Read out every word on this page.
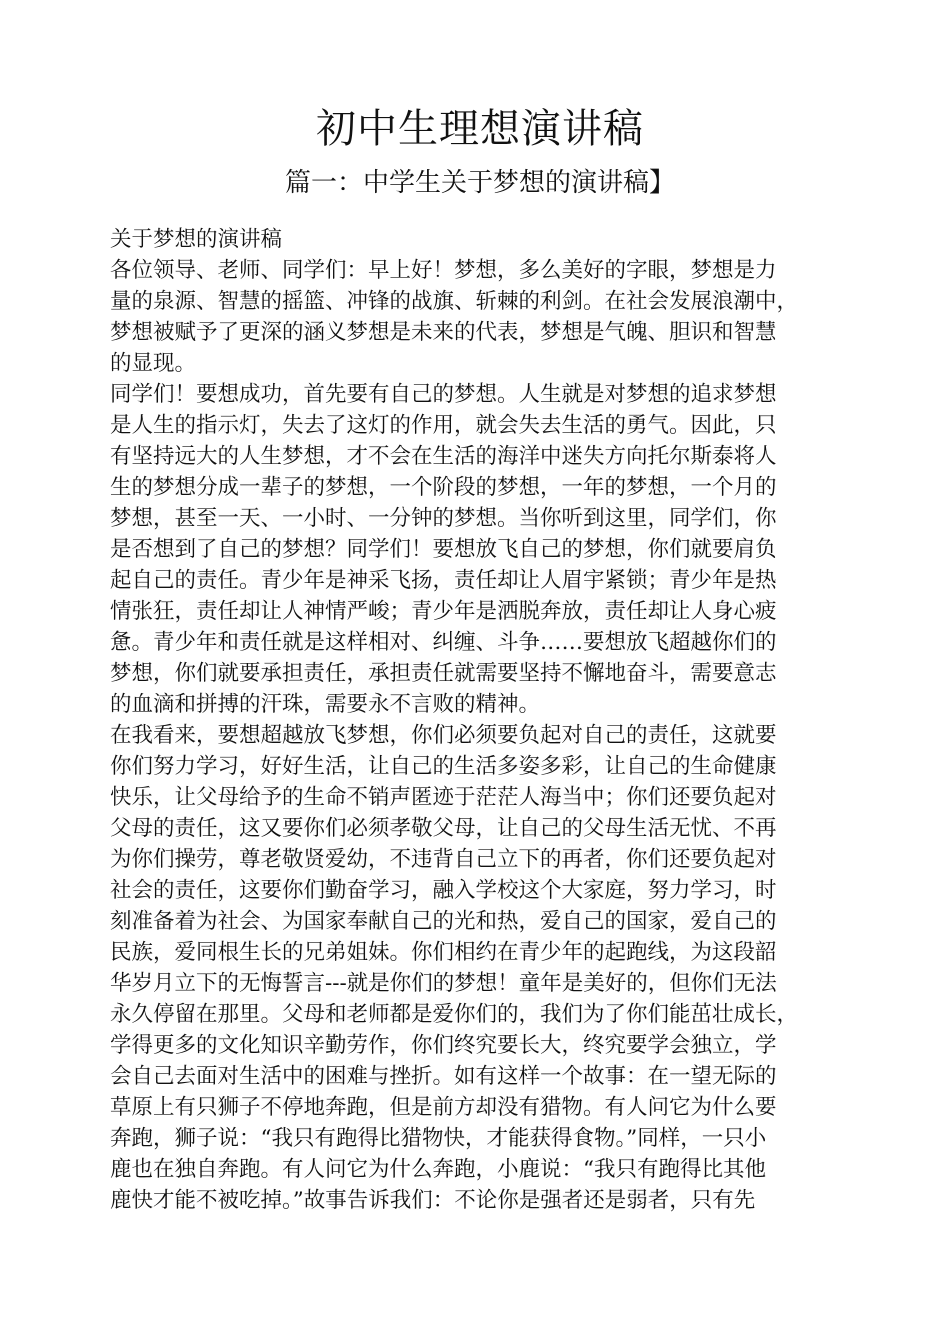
初中生理想演讲稿
篇一：中学生关于梦想的演讲稿】
关于梦想的演讲稿
各位领导、老师、同学们：早上好！梦想，多么美好的字眼，梦想是力
量的泉源、智慧的摇篮、冲锋的战旗、斩棘的利剑。在社会发展浪潮中，
梦想被赋予了更深的涵义梦想是未来的代表，梦想是气魄、胆识和智慧
的显现。
同学们！要想成功，首先要有自己的梦想。人生就是对梦想的追求梦想
是人生的指示灯，失去了这灯的作用，就会失去生活的勇气。因此，只
有坚持远大的人生梦想，才不会在生活的海洋中迷失方向托尔斯泰将人
生的梦想分成一辈子的梦想，一个阶段的梦想，一年的梦想，一个月的
梦想，甚至一天、一小时、一分钟的梦想。当你听到这里，同学们，你
是否想到了自己的梦想？同学们！要想放飞自己的梦想，你们就要肩负
起自己的责任。青少年是神采飞扬，责任却让人眉宇紧锁；青少年是热
情张狂，责任却让人神情严峻；青少年是洒脱奔放，责任却让人身心疲
惫。青少年和责任就是这样相对、纠缠、斗争……要想放飞超越你们的
梦想，你们就要承担责任，承担责任就需要坚持不懈地奋斗，需要意志
的血滴和拼搏的汗珠，需要永不言败的精神。
在我看来，要想超越放飞梦想，你们必须要负起对自己的责任，这就要
你们努力学习，好好生活，让自己的生活多姿多彩，让自己的生命健康
快乐，让父母给予的生命不销声匿迹于茫茫人海当中；你们还要负起对
父母的责任，这又要你们必须孝敬父母，让自己的父母生活无忧、不再
为你们操劳，尊老敬贤爱幼，不违背自己立下的再者，你们还要负起对
社会的责任，这要你们勤奋学习，融入学校这个大家庭，努力学习，时
刻准备着为社会、为国家奉献自己的光和热，爱自己的国家，爱自己的
民族，爱同根生长的兄弟姐妹。你们相约在青少年的起跑线，为这段韶
华岁月立下的无悔誓言---就是你们的梦想！童年是美好的，但你们无法
永久停留在那里。父母和老师都是爱你们的，我们为了你们能茁壮成长，
学得更多的文化知识辛勤劳作，你们终究要长大，终究要学会独立，学
会自己去面对生活中的困难与挫折。如有这样一个故事：在一望无际的
草原上有只狮子不停地奔跑，但是前方却没有猎物。有人问它为什么要
奔跑，狮子说：“我只有跑得比猎物快，才能获得食物。”同样，一只小
鹿也在独自奔跑。有人问它为什么奔跑，小鹿说：“我只有跑得比其他
鹿快才能不被吃掉。”故事告诉我们：不论你是强者还是弱者，只有先
